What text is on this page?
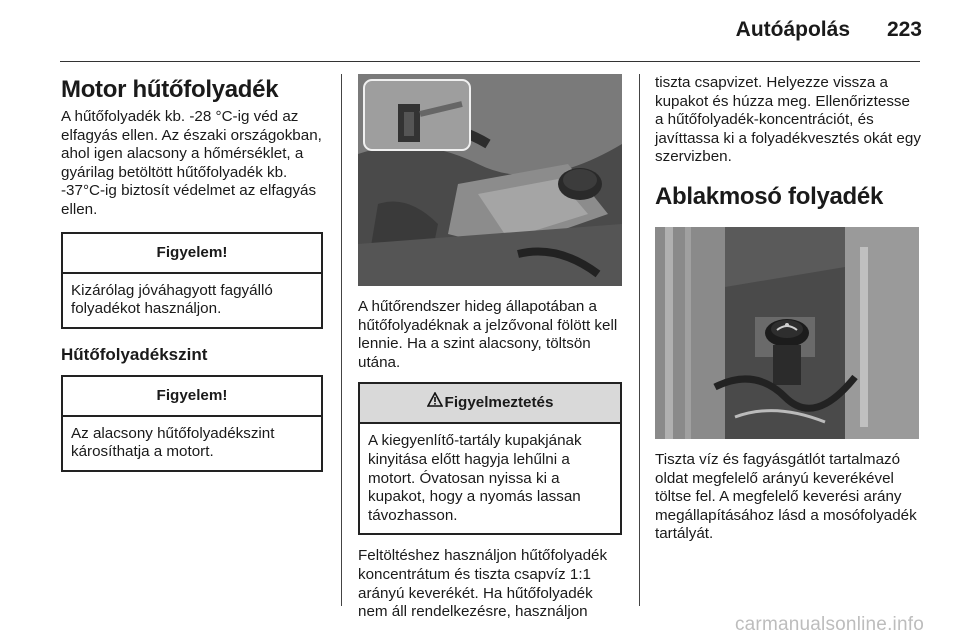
Autóápolás 223
Motor hűtőfolyadék

A hűtőfolyadék kb. -28 °C-ig véd az elfagyás ellen. Az északi országokban, ahol igen alacsony a hőmérséklet, a gyárilag betöltött hűtőfolyadék kb. -37°C-ig biztosít védelmet az elfagyás ellen.

Figyelem!
Kizárólag jóváhagyott fagyálló folyadékot használjon.
Hűtőfolyadékszint
Figyelem!
Az alacsony hűtőfolyadékszint károsíthatja a motort.

A hűtőrendszer hideg állapotában a hűtőfolyadéknak a jelzővonal fölött kell lennie. Ha a szint alacsony, töltsön utána.

Figyelmeztetés
A kiegyenlítő-tartály kupakjának kinyitása előtt hagyja lehűlni a motort. Óvatosan nyissa ki a kupakot, hogy a nyomás lassan távozhasson.

Feltöltéshez használjon hűtőfolyadék koncentrátum és tiszta csapvíz 1:1 arányú keverékét. Ha hűtőfolyadék nem áll rendelkezésre, használjon

tiszta csapvizet. Helyezze vissza a kupakot és húzza meg. Ellenőriztesse a hűtőfolyadék-koncentrációt, és javíttassa ki a folyadékvesztés okát egy szervizben.

Ablakmosó folyadék

Tiszta víz és fagyásgátlót tartalmazó oldat megfelelő arányú keverékével töltse fel. A megfelelő keverési arány megállapításához lásd a mosófolyadék tartályát.

carmanualsonline.info
